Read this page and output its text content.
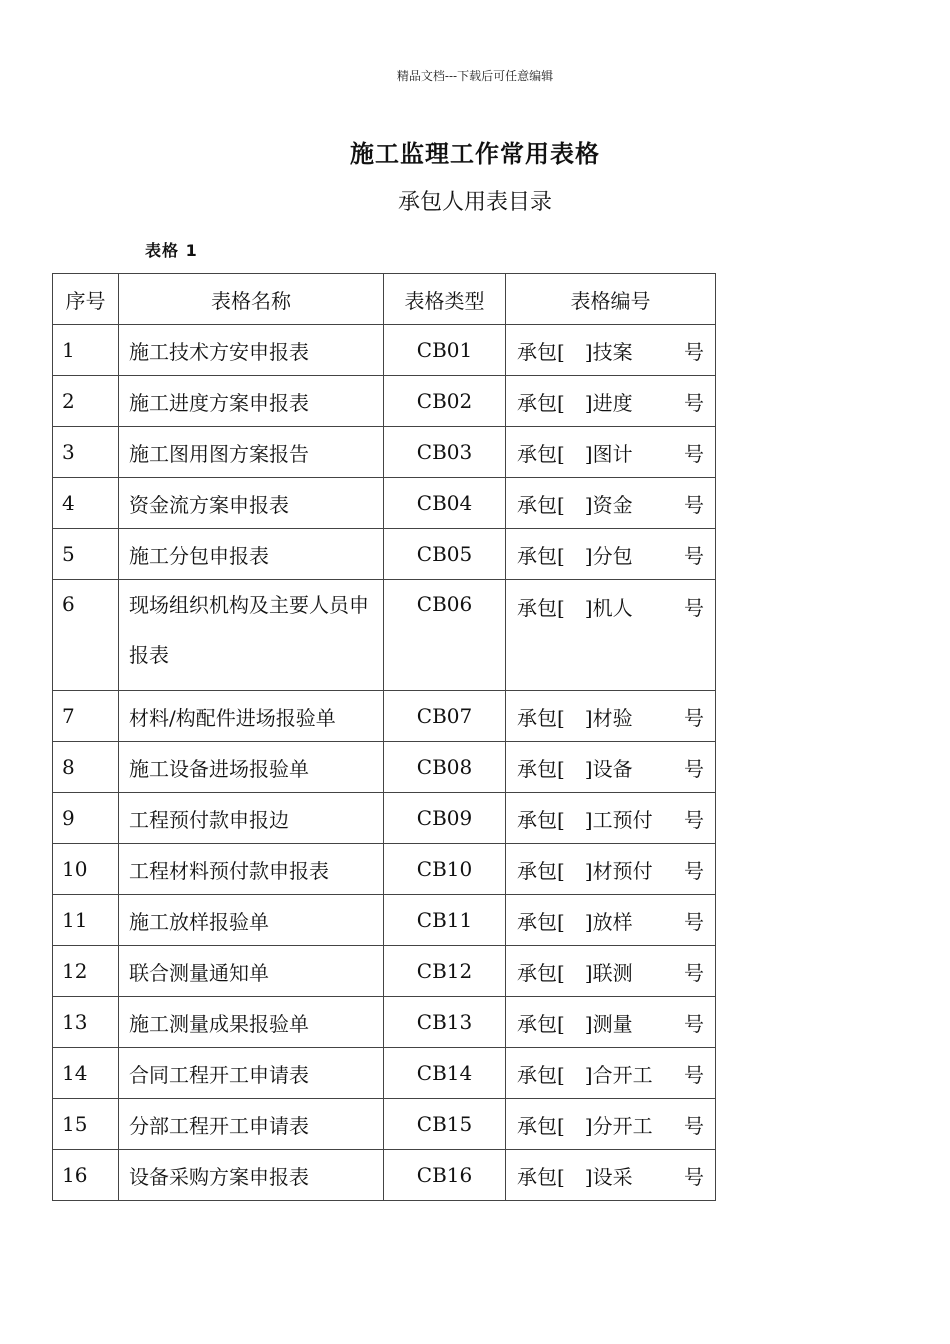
精品文档---下载后可任意编辑
施工监理工作常用表格
承包人用表目录
表格 1
序号	表格名称	表格类型	表格编号
1	施工技术方安申报表	CB01	承包[　]技案 号

2	施工进度方案申报表	CB02	承包[　]进度 号

3	施工图用图方案报告	CB03	承包[　]图计 号

4	资金流方案申报表	CB04	承包[　]资金 号

5	施工分包申报表	CB05	承包[　]分包 号

6	现场组织机构及主要人员申报表	CB06	承包[　]机人 号

7	材料/构配件进场报验单	CB07	承包[　]材验 号

8	施工设备进场报验单	CB08	承包[　]设备 号

9	工程预付款申报边	CB09	承包[　]工预付 号

10	工程材料预付款申报表	CB10	承包[　]材预付 号

11	施工放样报验单	CB11	承包[　]放样 号

12	联合测量通知单	CB12	承包[　]联测 号

13	施工测量成果报验单	CB13	承包[　]测量 号

14	合同工程开工申请表	CB14	承包[　]合开工 号

15	分部工程开工申请表	CB15	承包[　]分开工 号

16	设备采购方案申报表	CB16	承包[　]设采 号
